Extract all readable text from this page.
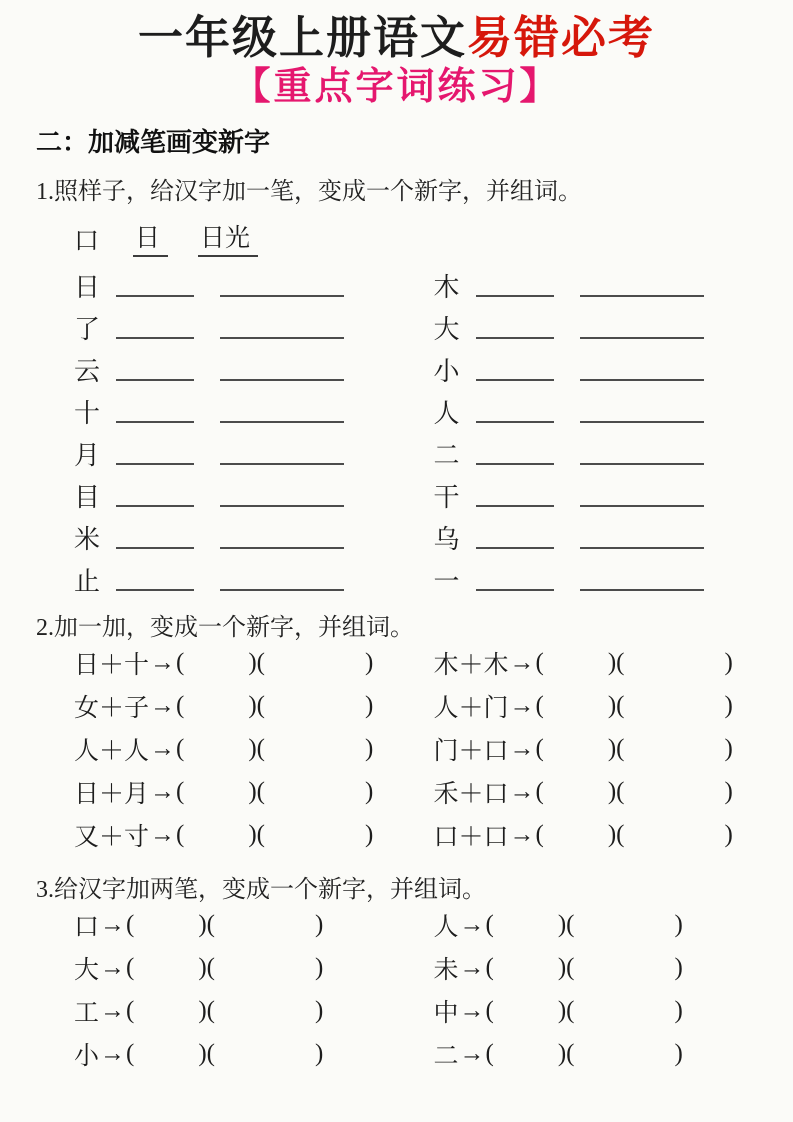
一年级上册语文易错必考
【重点字词练习】
二：加减笔画变新字
1.照样子，给汉字加一笔，变成一个新字，并组词。
口 日	日光
日
了
云
十
月
目
米
止
木
大
小
人
二
干
乌
一
2.加一加，变成一个新字，并组词。
日＋十 → (	)(	)
女＋子 → (	)(	)
人＋人 → (	)(	)
日＋月 → (	)(	)
又＋寸 → (	)(	)
木＋木 → (	)(	)
人＋门 → (	)(	)
门＋口 → (	)(	)
禾＋口 → (	)(	)
口＋口 → (	)(	)
3.给汉字加两笔，变成一个新字，并组词。
口 → (	)(	)
大 → (	)(	)
工 → (	)(	)
小 → (	)(	)
人 → (	)(	)
未 → (	)(	)
中 → (	)(	)
二 → (	)(	)
